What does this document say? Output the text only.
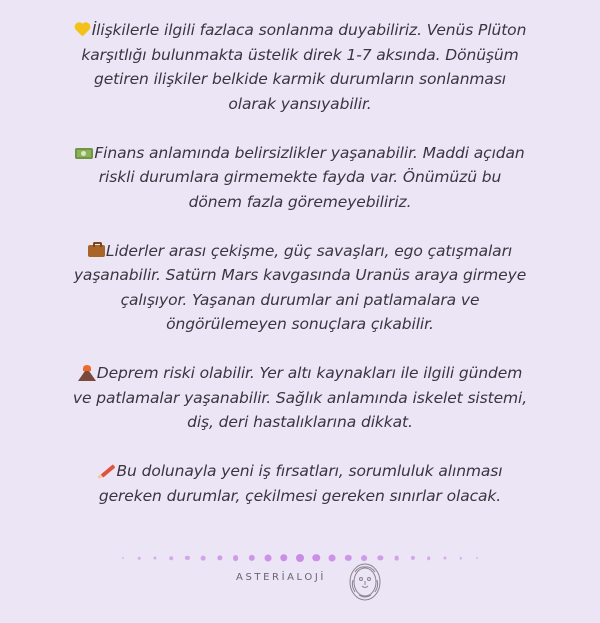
İlişkilerle ilgili fazlaca sonlanma duyabiliriz. Venüs Plüton
karşıtlığı bulunmakta üstelik direk 1-7 aksında. Dönüşüm
getiren ilişkiler belkide karmik durumların sonlanması
olarak yansıyabilir.

Finans anlamında belirsizlikler yaşanabilir. Maddi açıdan
riskli durumlara girmemekte fayda var. Önümüzü bu
dönem fazla göremeyebiliriz.

Liderler arası çekişme, güç savaşları, ego çatışmaları
yaşanabilir. Satürn Mars kavgasında Uranüs araya girmeye
çalışıyor. Yaşanan durumlar ani patlamalara ve
öngörülemeyen sonuçlara çıkabilir.

Deprem riski olabilir. Yer altı kaynakları ile ilgili gündem
ve patlamalar yaşanabilir. Sağlık anlamında iskelet sistemi,
diş, deri hastalıklarına dikkat.

Bu dolunayla yeni iş fırsatları, sorumluluk alınması
gereken durumlar, çekilmesi gereken sınırlar olacak.

ASTERİALOJİ
